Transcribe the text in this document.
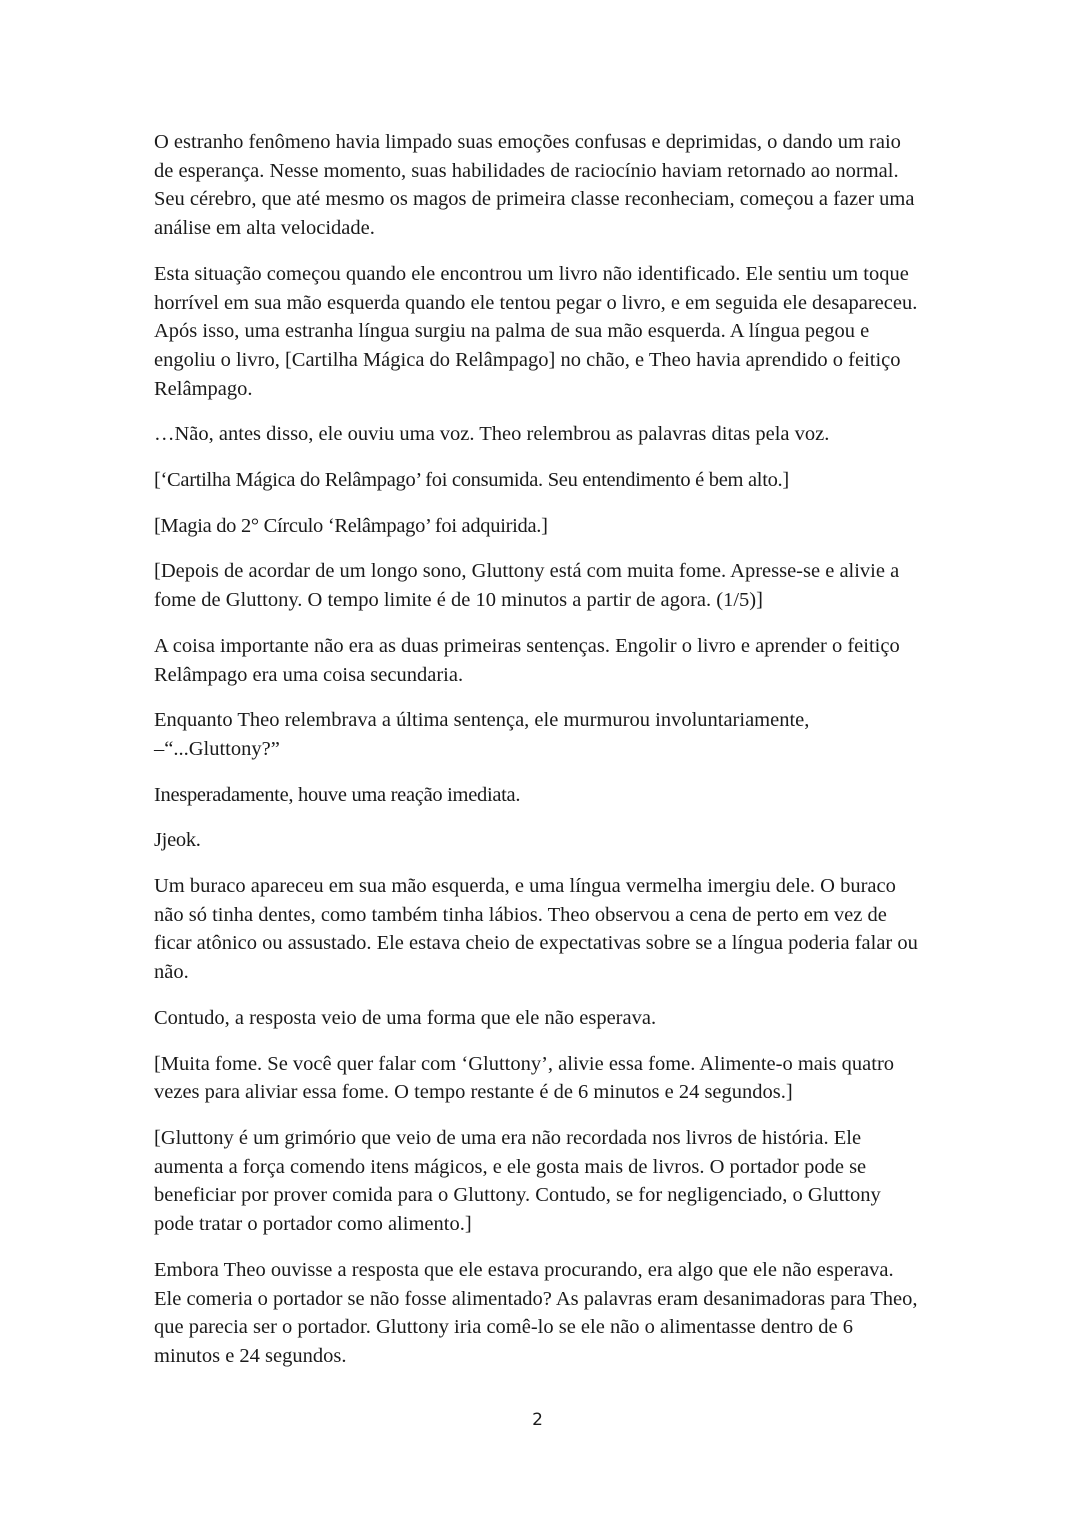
O estranho fenômeno havia limpado suas emoções confusas e deprimidas, o dando um raio de esperança. Nesse momento, suas habilidades de raciocínio haviam retornado ao normal. Seu cérebro, que até mesmo os magos de primeira classe reconheciam, começou a fazer uma análise em alta velocidade.

Esta situação começou quando ele encontrou um livro não identificado. Ele sentiu um toque horrível em sua mão esquerda quando ele tentou pegar o livro, e em seguida ele desapareceu. Após isso, uma estranha língua surgiu na palma de sua mão esquerda. A língua pegou e engoliu o livro, [Cartilha Mágica do Relâmpago] no chão, e Theo havia aprendido o feitiço Relâmpago.

…Não, antes disso, ele ouviu uma voz. Theo relembrou as palavras ditas pela voz.

[‘Cartilha Mágica do Relâmpago’ foi consumida. Seu entendimento é bem alto.]

[Magia do 2° Círculo ‘Relâmpago’ foi adquirida.]

[Depois de acordar de um longo sono, Gluttony está com muita fome. Apresse-se e alivie a fome de Gluttony. O tempo limite é de 10 minutos a partir de agora. (1/5)]

A coisa importante não era as duas primeiras sentenças. Engolir o livro e aprender o feitiço Relâmpago era uma coisa secundaria.

Enquanto Theo relembrava a última sentença, ele murmurou involuntariamente,
–“...Gluttony?”

Inesperadamente, houve uma reação imediata.

Jjeok.

Um buraco apareceu em sua mão esquerda, e uma língua vermelha imergiu dele. O buraco não só tinha dentes, como também tinha lábios. Theo observou a cena de perto em vez de ficar atônico ou assustado. Ele estava cheio de expectativas sobre se a língua poderia falar ou não.

Contudo, a resposta veio de uma forma que ele não esperava.

[Muita fome. Se você quer falar com ‘Gluttony’, alivie essa fome. Alimente-o mais quatro vezes para aliviar essa fome. O tempo restante é de 6 minutos e 24 segundos.]

[Gluttony é um grimório que veio de uma era não recordada nos livros de história. Ele aumenta a força comendo itens mágicos, e ele gosta mais de livros. O portador pode se beneficiar por prover comida para o Gluttony. Contudo, se for negligenciado, o Gluttony pode tratar o portador como alimento.]

Embora Theo ouvisse a resposta que ele estava procurando, era algo que ele não esperava. Ele comeria o portador se não fosse alimentado? As palavras eram desanimadoras para Theo, que parecia ser o portador. Gluttony iria comê-lo se ele não o alimentasse dentro de 6 minutos e 24 segundos.

2
